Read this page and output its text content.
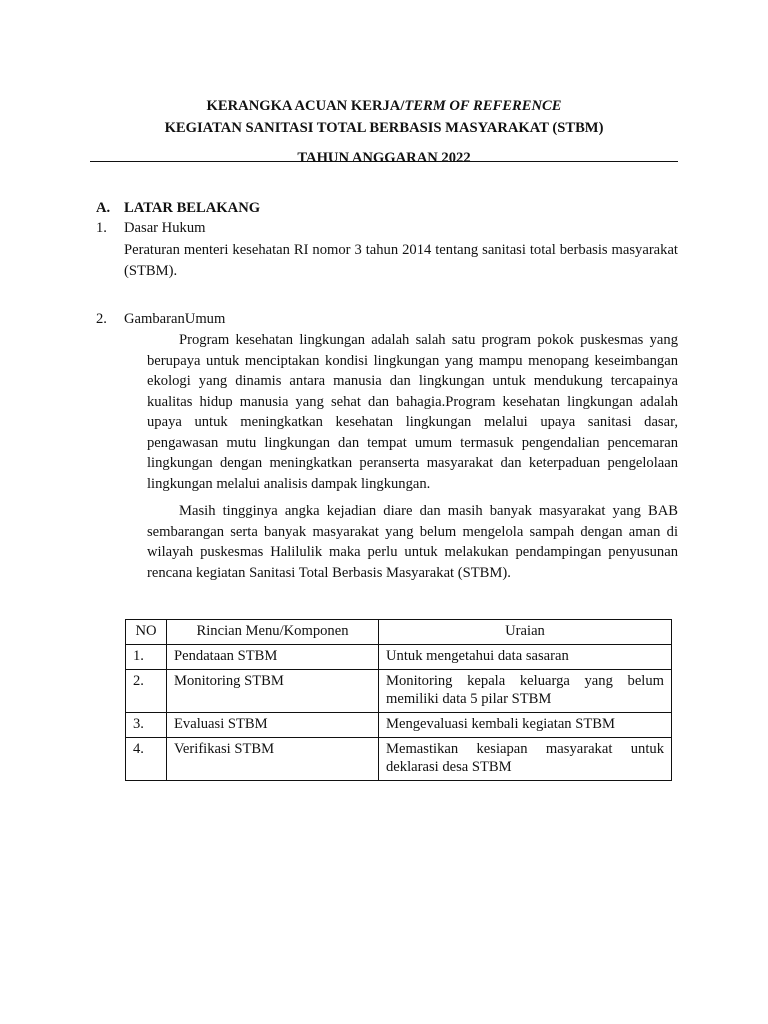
KERANGKA ACUAN KERJA/TERM OF REFERENCE
KEGIATAN SANITASI TOTAL BERBASIS MASYARAKAT (STBM)
TAHUN ANGGARAN 2022
A. LATAR BELAKANG
1. Dasar Hukum
Peraturan menteri kesehatan RI nomor 3 tahun 2014 tentang sanitasi total berbasis masyarakat (STBM).
2. GambaranUmum

Program kesehatan lingkungan adalah salah satu program pokok puskesmas yang berupaya untuk menciptakan kondisi lingkungan yang mampu menopang keseimbangan ekologi yang dinamis antara manusia dan lingkungan untuk mendukung tercapainya kualitas hidup manusia yang sehat dan bahagia.Program kesehatan lingkungan adalah upaya untuk meningkatkan kesehatan lingkungan melalui upaya sanitasi dasar, pengawasan mutu lingkungan dan tempat umum termasuk pengendalian pencemaran lingkungan dengan meningkatkan peranserta masyarakat dan keterpaduan pengelolaan lingkungan melalui analisis dampak lingkungan.

Masih tingginya angka kejadian diare dan masih banyak masyarakat yang BAB sembarangan serta banyak masyarakat yang belum mengelola sampah dengan aman di wilayah puskesmas Halilulik maka perlu untuk melakukan pendampingan penyusunan rencana kegiatan Sanitasi Total Berbasis Masyarakat (STBM).

NO	Rincian Menu/Komponen	Uraian
1.	Pendataan STBM	Untuk mengetahui data sasaran
2.	Monitoring STBM	Monitoring kepala keluarga yang belum memiliki data 5 pilar STBM
3.	Evaluasi STBM	Mengevaluasi kembali kegiatan STBM
4.	Verifikasi STBM	Memastikan kesiapan masyarakat untuk deklarasi desa STBM
